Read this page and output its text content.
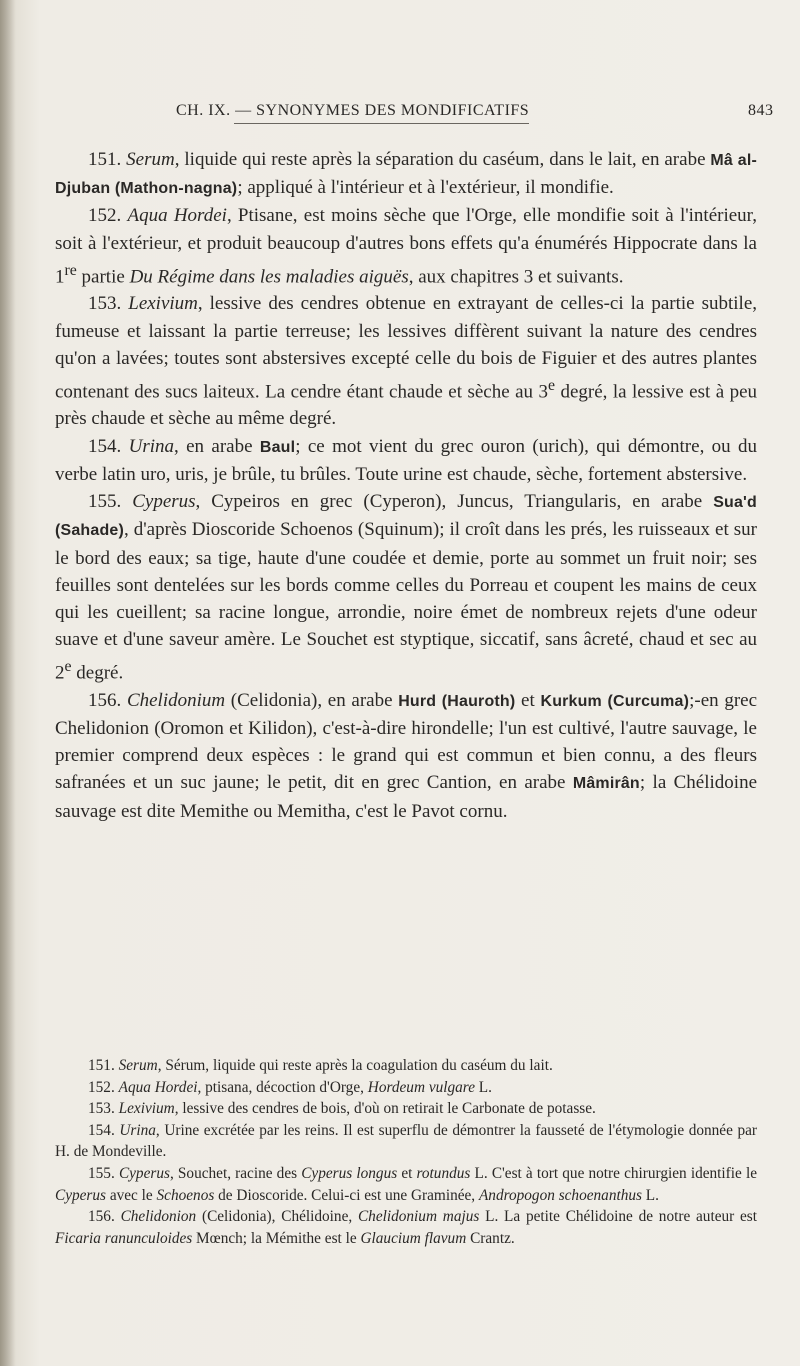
CH. IX. — SYNONYMES DES MONDIFICATIFS	843

151. Serum, liquide qui reste après la séparation du caséum, dans le lait, en arabe Mâ al-Djuban (Mathon-nagna); appliqué à l'intérieur et à l'extérieur, il mondifie.

152. Aqua Hordei, Ptisane, est moins sèche que l'Orge, elle mondifie soit à l'intérieur, soit à l'extérieur, et produit beaucoup d'autres bons effets qu'a énumérés Hippocrate dans la 1re partie Du Régime dans les maladies aiguës, aux chapitres 3 et suivants.

153. Lexivium, lessive des cendres obtenue en extrayant de celles-ci la partie subtile, fumeuse et laissant la partie terreuse; les lessives diffèrent suivant la nature des cendres qu'on a lavées; toutes sont abstersives excepté celle du bois de Figuier et des autres plantes contenant des sucs laiteux. La cendre étant chaude et sèche au 3e degré, la lessive est à peu près chaude et sèche au même degré.

154. Urina, en arabe Baul; ce mot vient du grec ouron (urich), qui démontre, ou du verbe latin uro, uris, je brûle, tu brûles. Toute urine est chaude, sèche, fortement abstersive.

155. Cyperus, Cypeiros en grec (Cyperon), Juncus, Triangularis, en arabe Sua'd (Sahade), d'après Dioscoride Schoenos (Squinum); il croît dans les prés, les ruisseaux et sur le bord des eaux; sa tige, haute d'une coudée et demie, porte au sommet un fruit noir; ses feuilles sont dentelées sur les bords comme celles du Porreau et coupent les mains de ceux qui les cueillent; sa racine longue, arrondie, noire émet de nombreux rejets d'une odeur suave et d'une saveur amère. Le Souchet est styptique, siccatif, sans âcreté, chaud et sec au 2e degré.

156. Chelidonium (Celidonia), en arabe Hurd (Hauroth) et Kurkum (Curcuma);-en grec Chelidonion (Oromon et Kilidon), c'est-à-dire hirondelle; l'un est cultivé, l'autre sauvage, le premier comprend deux espèces : le grand qui est commun et bien connu, a des fleurs safranées et un suc jaune; le petit, dit en grec Cantion, en arabe Mâmirân; la Chélidoine sauvage est dite Memithe ou Memitha, c'est le Pavot cornu.

151. Serum, Sérum, liquide qui reste après la coagulation du caséum du lait.

152. Aqua Hordei, ptisana, décoction d'Orge, Hordeum vulgare L.

153. Lexivium, lessive des cendres de bois, d'où on retirait le Carbonate de potasse.

154. Urina, Urine excrétée par les reins. Il est superflu de démontrer la fausseté de l'étymologie donnée par H. de Mondeville.

155. Cyperus, Souchet, racine des Cyperus longus et rotundus L. C'est à tort que notre chirurgien identifie le Cyperus avec le Schoenos de Dioscoride. Celui-ci est une Graminée, Andropogon schoenanthus L.

156. Chelidonion (Celidonia), Chélidoine, Chelidonium majus L. La petite Chélidoine de notre auteur est Ficaria ranunculoides Mœnch; la Mémithe est le Glaucium flavum Crantz.
